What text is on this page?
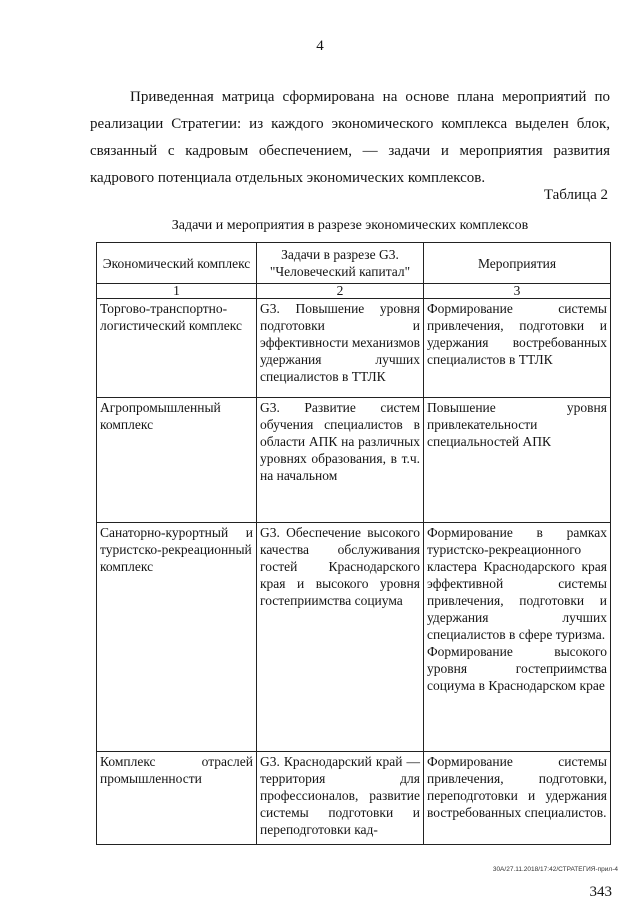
4

Приведенная матрица сформирована на основе плана мероприятий по реализации Стратегии: из каждого экономического комплекса выделен блок, связанный с кадровым обеспечением, — задачи и мероприятия развития кадрового потенциала отдельных экономических комплексов.

Таблица 2
Задачи и мероприятия в разрезе экономических комплексов
Экономический комплекс	Задачи в разрезе G3. "Человеческий капитал"	Мероприятия
1	2	3
Торгово-транспортно-логистический комплекс	G3. Повышение уровня подготовки и эффективности механизмов удержания лучших специалистов в ТТЛК	Формирование системы привлечения, подготовки и удержания востребованных специалистов в ТТЛК

Агропромышленный комплекс	G3. Развитие систем обучения специалистов в области АПК на различных уровнях образования, в т.ч. на начальном	Повышение уровня привлекательности специальностей АПК

Санаторно-курортный и туристско-рекреационный комплекс	G3. Обеспечение высокого качества обслуживания гостей Краснодарского края и высокого уровня гостеприимства социума	Формирование в рамках туристско-рекреационного кластера Краснодарского края эффективной системы привлечения, подготовки и удержания лучших специалистов в сфере туризма.

Формирование высокого уровня гостеприимства социума в Краснодарском крае

Комплекс отраслей промышленности	G3. Краснодарский край — территория для профессионалов, развитие системы подготовки и переподготовки кад-	Формирование системы привлечения, подготовки, переподготовки и удержания востребованных специалистов.

30А/27.11.2018/17:42/СТРАТЕГИЯ-прил-4
343
